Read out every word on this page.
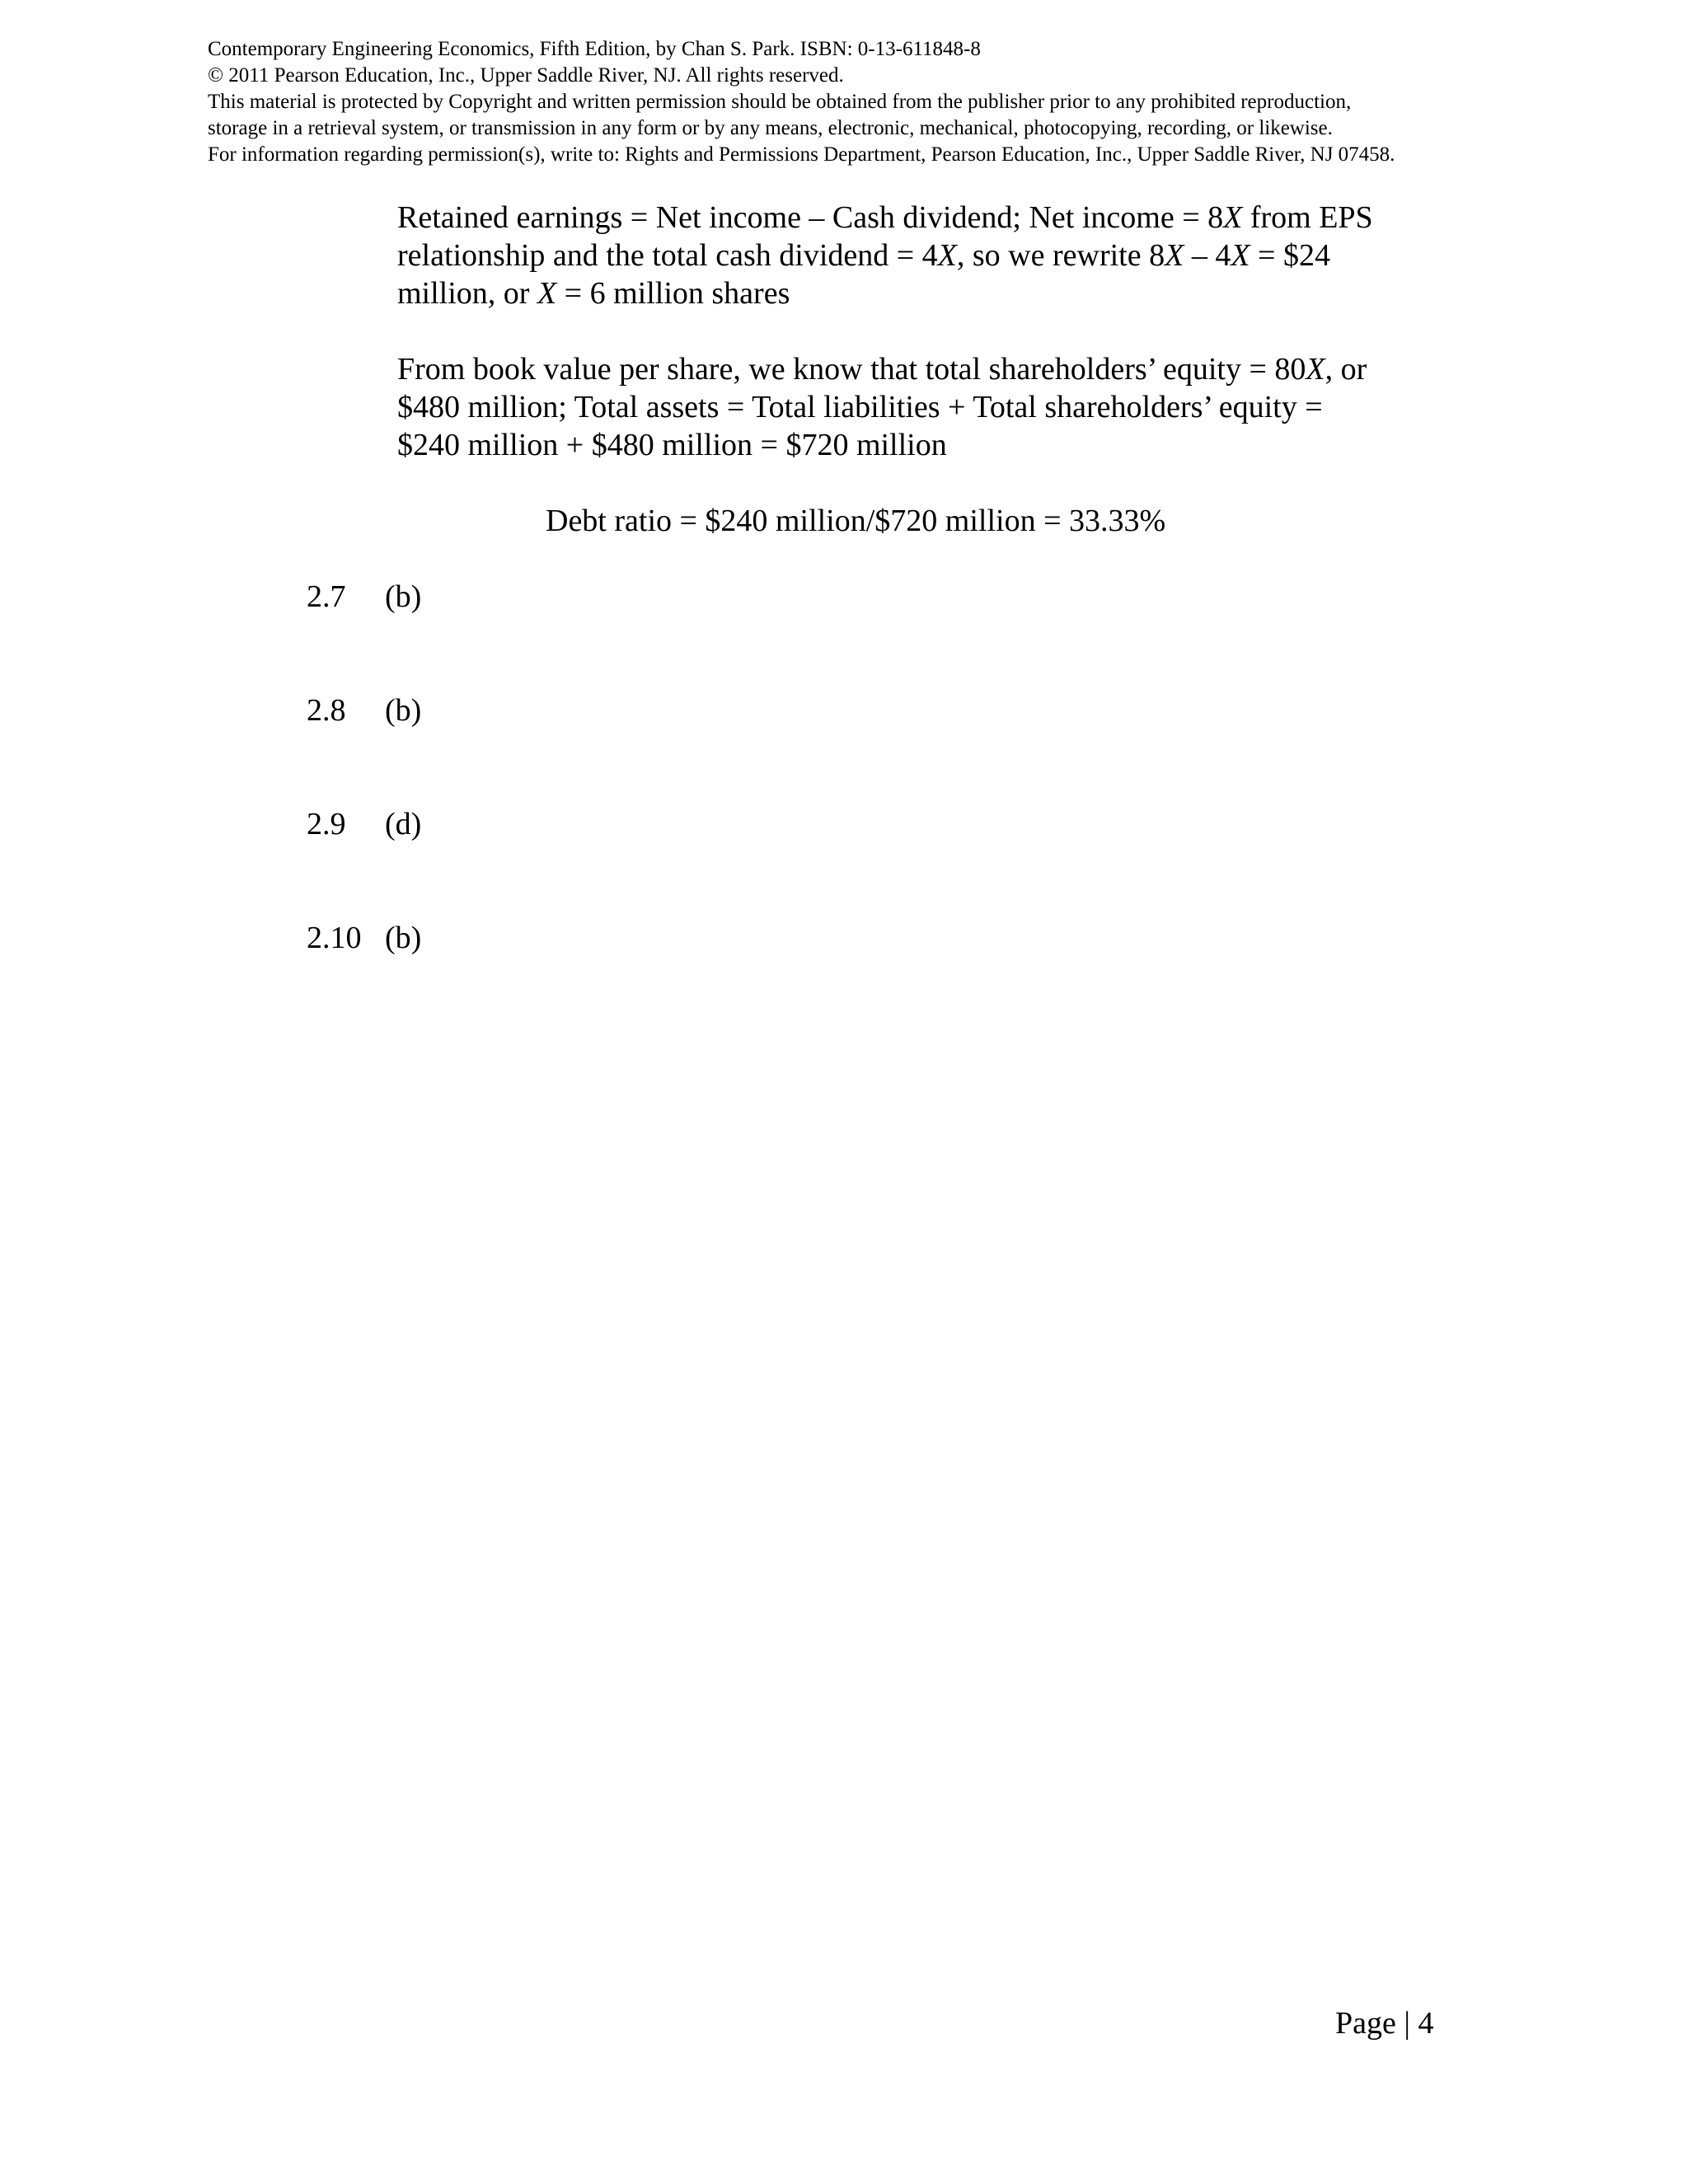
Contemporary Engineering Economics, Fifth Edition, by Chan S. Park. ISBN: 0-13-611848-8
© 2011 Pearson Education, Inc., Upper Saddle River, NJ. All rights reserved.
This material is protected by Copyright and written permission should be obtained from the publisher prior to any prohibited reproduction,
storage in a retrieval system, or transmission in any form or by any means, electronic, mechanical, photocopying, recording, or likewise.
For information regarding permission(s), write to: Rights and Permissions Department, Pearson Education, Inc., Upper Saddle River, NJ 07458.
Retained earnings = Net income – Cash dividend; Net income = 8X from EPS
relationship and the total cash dividend = 4X, so we rewrite 8X – 4X = $24
million, or X = 6 million shares
From book value per share, we know that total shareholders’ equity = 80X, or
$480 million; Total assets = Total liabilities + Total shareholders’ equity =
$240 million + $480 million = $720 million
Debt ratio = $240 million/$720 million = 33.33%
2.7 (b)
2.8 (b)
2.9 (d)
2.10 (b)
Page | 4
